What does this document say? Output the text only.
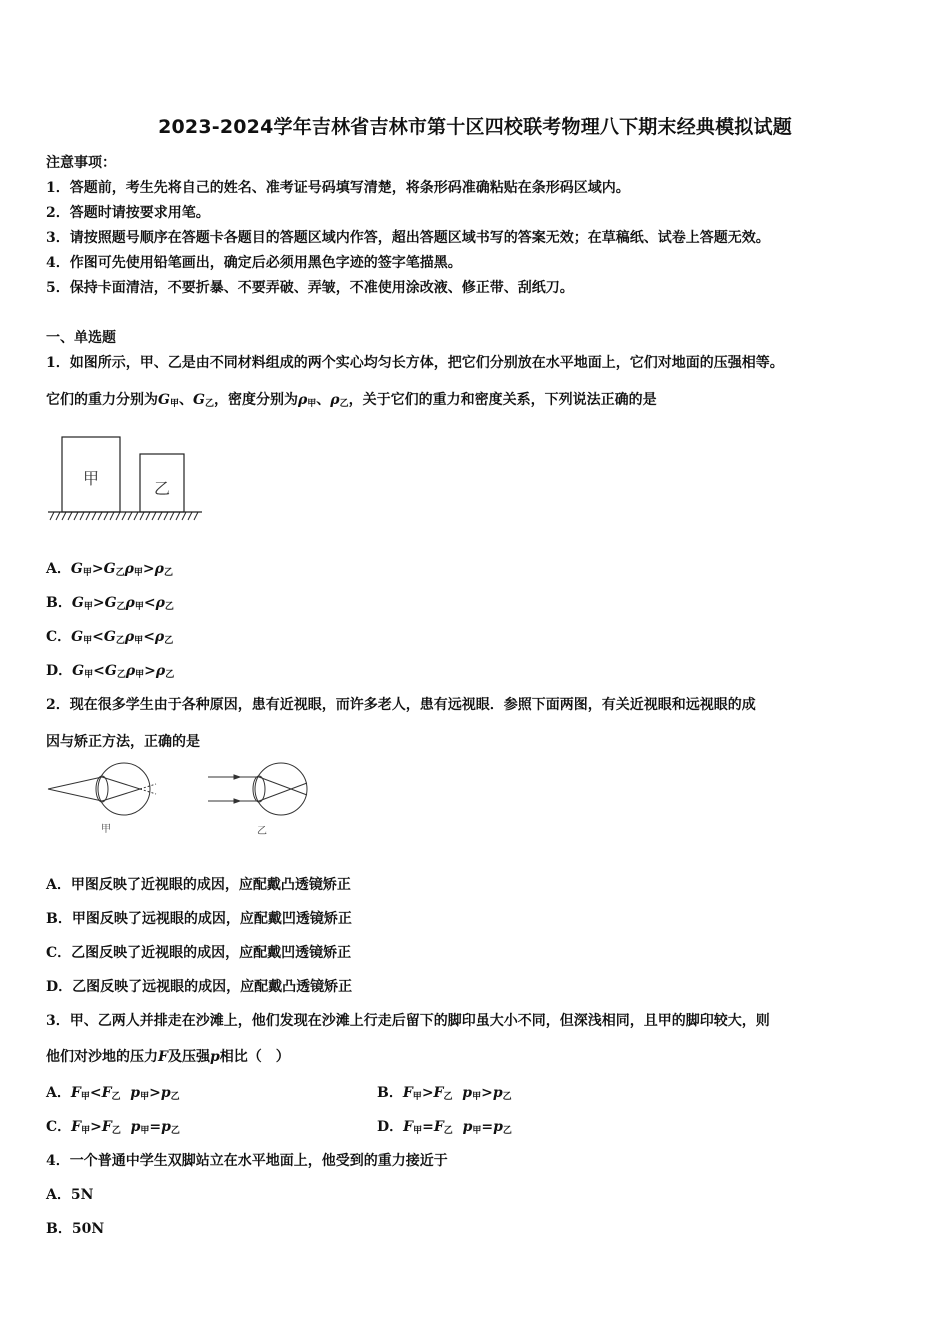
2023-2024学年吉林省吉林市第十区四校联考物理八下期末经典模拟试题
注意事项：
1．答题前，考生先将自己的姓名、准考证号码填写清楚，将条形码准确粘贴在条形码区域内。
2．答题时请按要求用笔。
3．请按照题号顺序在答题卡各题目的答题区域内作答，超出答题区域书写的答案无效；在草稿纸、试卷上答题无效。
4．作图可先使用铅笔画出，确定后必须用黑色字迹的签字笔描黑。
5．保持卡面清洁，不要折暴、不要弄破、弄皱，不准使用涂改液、修正带、刮纸刀。
一、单选题
1．如图所示，甲、乙是由不同材料组成的两个实心均匀长方体，把它们分别放在水平地面上，它们对地面的压强相等。
它们的重力分别为$G_甲$、$G_乙$，密度分别为$\rho_甲$、$\rho_乙$，关于它们的重力和密度关系，下列说法正确的是
甲
乙
A．$G_甲>G_乙\rho_甲>\rho_乙$
B．$G_甲>G_乙\rho_甲<\rho_乙$
C．$G_甲<G_乙\rho_甲<\rho_乙$
D．$G_甲<G_乙\rho_甲>\rho_乙$
2．现在很多学生由于各种原因，患有近视眼，而许多老人，患有远视眼．参照下面两图，有关近视眼和远视眼的成
因与矫正方法，正确的是
甲	乙
A．甲图反映了近视眼的成因，应配戴凸透镜矫正
B．甲图反映了远视眼的成因，应配戴凹透镜矫正
C．乙图反映了近视眼的成因，应配戴凹透镜矫正
D．乙图反映了远视眼的成因，应配戴凸透镜矫正
3．甲、乙两人并排走在沙滩上，他们发现在沙滩上行走后留下的脚印虽大小不同，但深浅相同，且甲的脚印较大，则
他们对沙地的压力F及压强p相比（　）
A．$F_甲<F_乙$ $p_甲>p_乙$	B．$F_甲>F_乙$ $p_甲>p_乙$
C．$F_甲>F_乙$ $p_甲=p_乙$	D．$F_甲=F_乙$ $p_甲=p_乙$
4．一个普通中学生双脚站立在水平地面上，他受到的重力接近于
A．5N
B．50N
